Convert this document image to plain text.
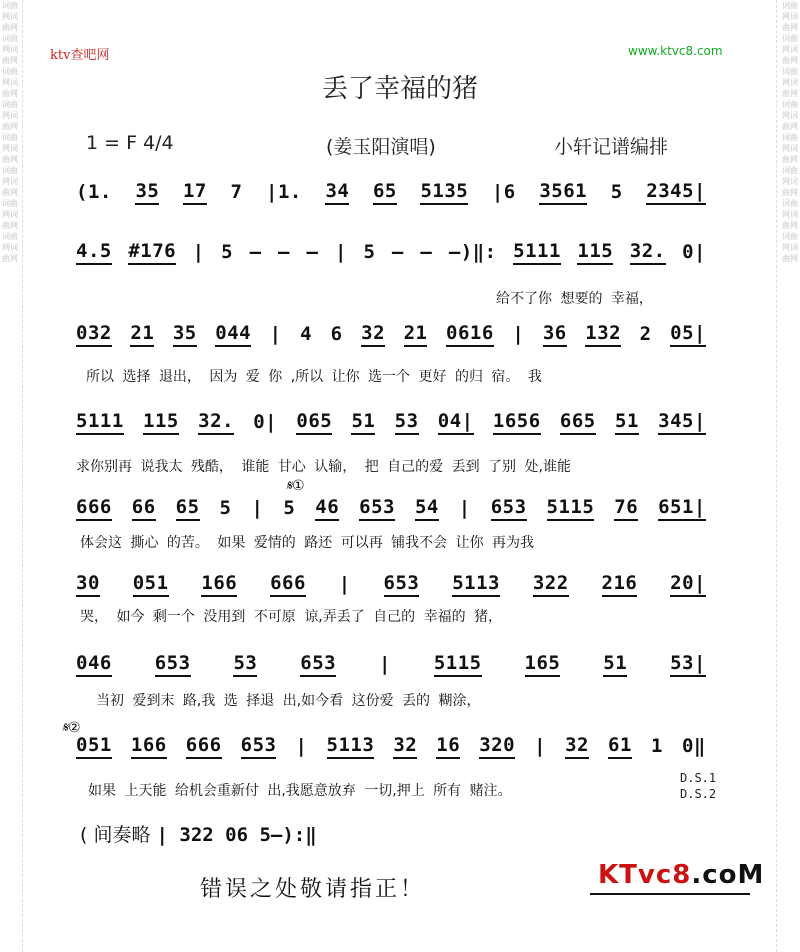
词曲网词曲网词曲网词曲网词曲网词曲网词曲网词曲网词曲网词曲网词曲网词曲网词曲网词曲网词曲网词曲网
词曲网词曲网词曲网词曲网词曲网词曲网词曲网词曲网词曲网词曲网词曲网词曲网词曲网词曲网词曲网词曲网
ktv查吧网	www.ktvc8.com
丢了幸福的猪
1 = F 4/4	(姜玉阳演唱)	小轩记谱编排
(1. 35 17 7 |1. 34 65 5135 |6 3561 5 2345|
4.5 #176 | 5 — — — | 5 — — —)‖: 5111 115 32. 0|
给不了你 想要的 幸福，
032 21 35 044 | 4 6 32 21 0616 | 36 132 2 05|
所以 选择 退出， 因为 爱 你 ,所以 让你 选一个 更好 的归 宿。 我
5111 115 32. 0| 065 51 53 04| 1656 665 51 345|
求你别再 说我太 残酷， 谁能 甘心 认输， 把 自己的爱 丢到 了别 处,谁能
𝄋①
666 66 65 5 | 5 46 653 54 | 653 5115 76 651|
体会这 撕心 的苦。 如果 爱情的 路还 可以再 铺我不会 让你 再为我
30 051 166 666 | 653 5113 322 216 20|
哭， 如今 剩一个 没用到 不可原 谅,弄丢了 自己的 幸福的 猪，
046 653 53 653 | 5115 165 51 53|
当初 爱到末 路,我 选 择退 出,如今看 这份爱 丢的 糊涂，
𝄋②
051 166 666 653 | 5113 32 16 320 | 32 61 1 0‖
如果 上天能 给机会重新付 出,我愿意放弃 一切,押上 所有 赌注。
D.S.1
D.S.2
( 间奏略 | 322 06 5—):‖
错误之处敬请指正！	KTvc8.coM
